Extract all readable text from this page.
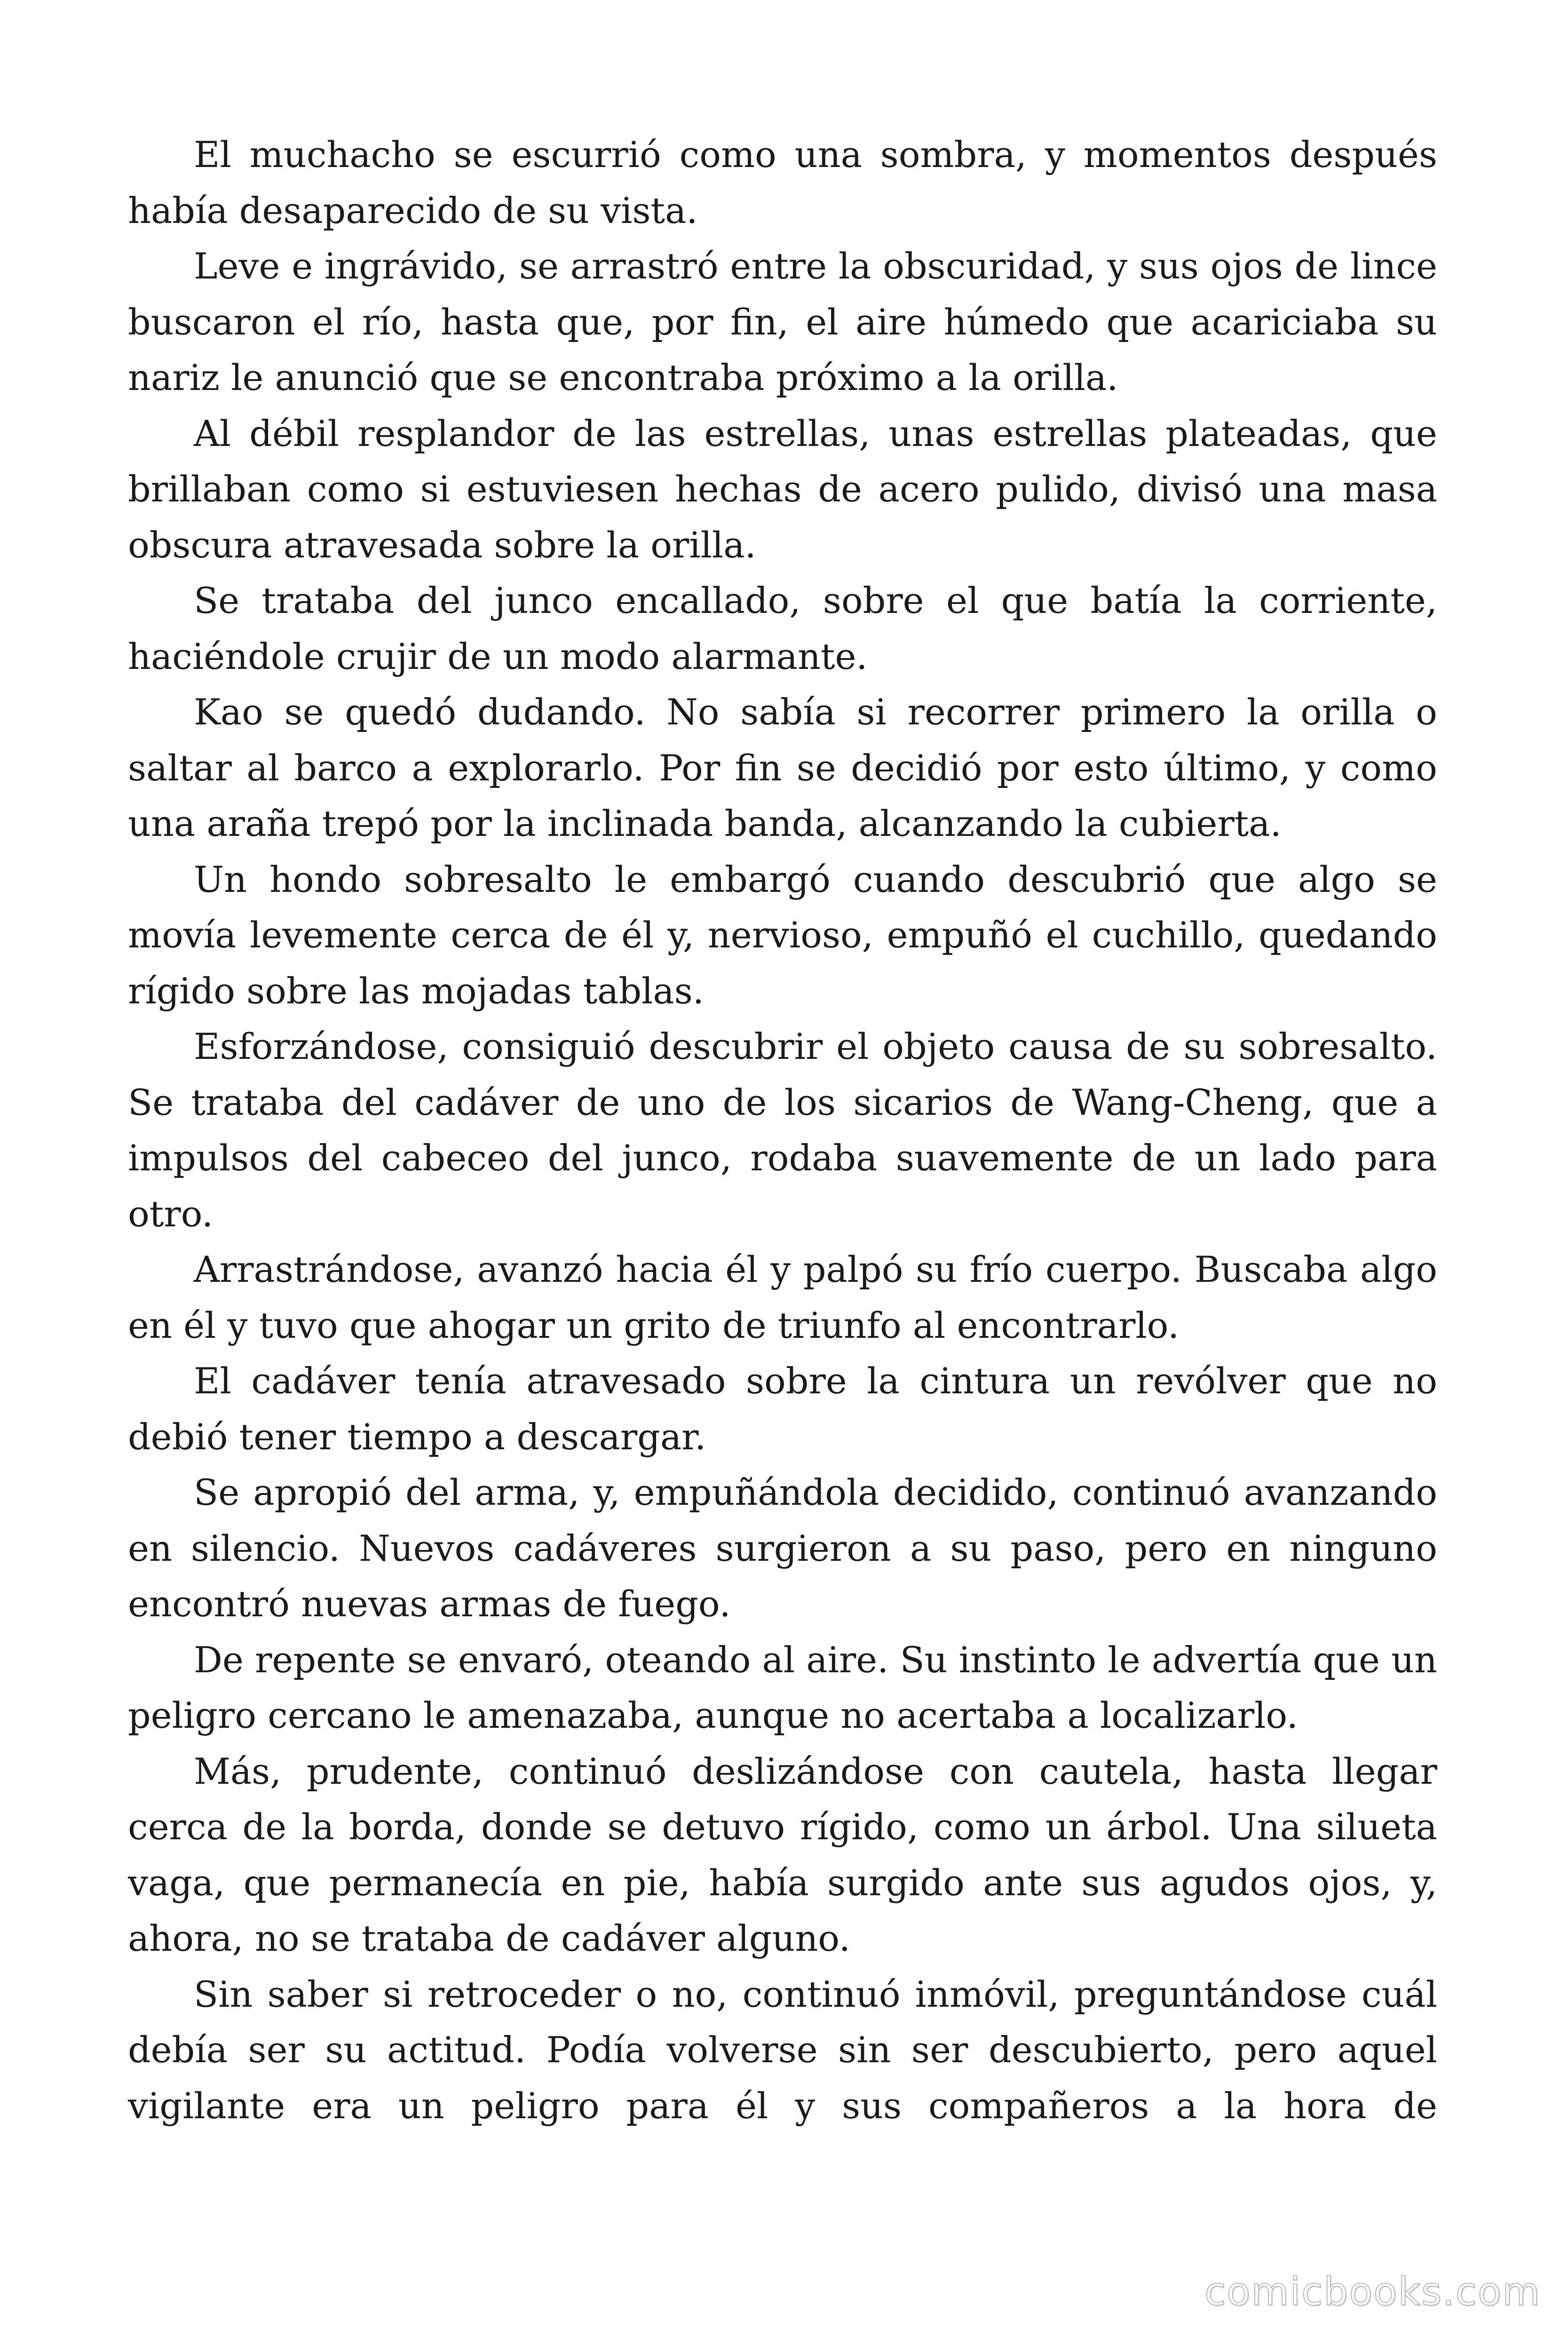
El muchacho se escurrió como una sombra, y momentos después había desaparecido de su vista.

Leve e ingrávido, se arrastró entre la obscuridad, y sus ojos de lince buscaron el río, hasta que, por fin, el aire húmedo que acariciaba su nariz le anunció que se encontraba próximo a la orilla.

Al débil resplandor de las estrellas, unas estrellas plateadas, que brillaban como si estuviesen hechas de acero pulido, divisó una masa obscura atravesada sobre la orilla.

Se trataba del junco encallado, sobre el que batía la corriente, haciéndole crujir de un modo alarmante.

Kao se quedó dudando. No sabía si recorrer primero la orilla o saltar al barco a explorarlo. Por fin se decidió por esto último, y como una araña trepó por la inclinada banda, alcanzando la cubierta.

Un hondo sobresalto le embargó cuando descubrió que algo se movía levemente cerca de él y, nervioso, empuñó el cuchillo, quedando rígido sobre las mojadas tablas.

Esforzándose, consiguió descubrir el objeto causa de su sobresalto. Se trataba del cadáver de uno de los sicarios de Wang-Cheng, que a impulsos del cabeceo del junco, rodaba suavemente de un lado para otro.

Arrastrándose, avanzó hacia él y palpó su frío cuerpo. Buscaba algo en él y tuvo que ahogar un grito de triunfo al encontrarlo.

El cadáver tenía atravesado sobre la cintura un revólver que no debió tener tiempo a descargar.

Se apropió del arma, y, empuñándola decidido, continuó avanzando en silencio. Nuevos cadáveres surgieron a su paso, pero en ninguno encontró nuevas armas de fuego.

De repente se envaró, oteando al aire. Su instinto le advertía que un peligro cercano le amenazaba, aunque no acertaba a localizarlo.

Más, prudente, continuó deslizándose con cautela, hasta llegar cerca de la borda, donde se detuvo rígido, como un árbol. Una silueta vaga, que permanecía en pie, había surgido ante sus agudos ojos, y, ahora, no se trataba de cadáver alguno.

Sin saber si retroceder o no, continuó inmóvil, preguntándose cuál debía ser su actitud. Podía volverse sin ser descubierto, pero aquel vigilante era un peligro para él y sus compañeros a la hora de

comicbooks.com
